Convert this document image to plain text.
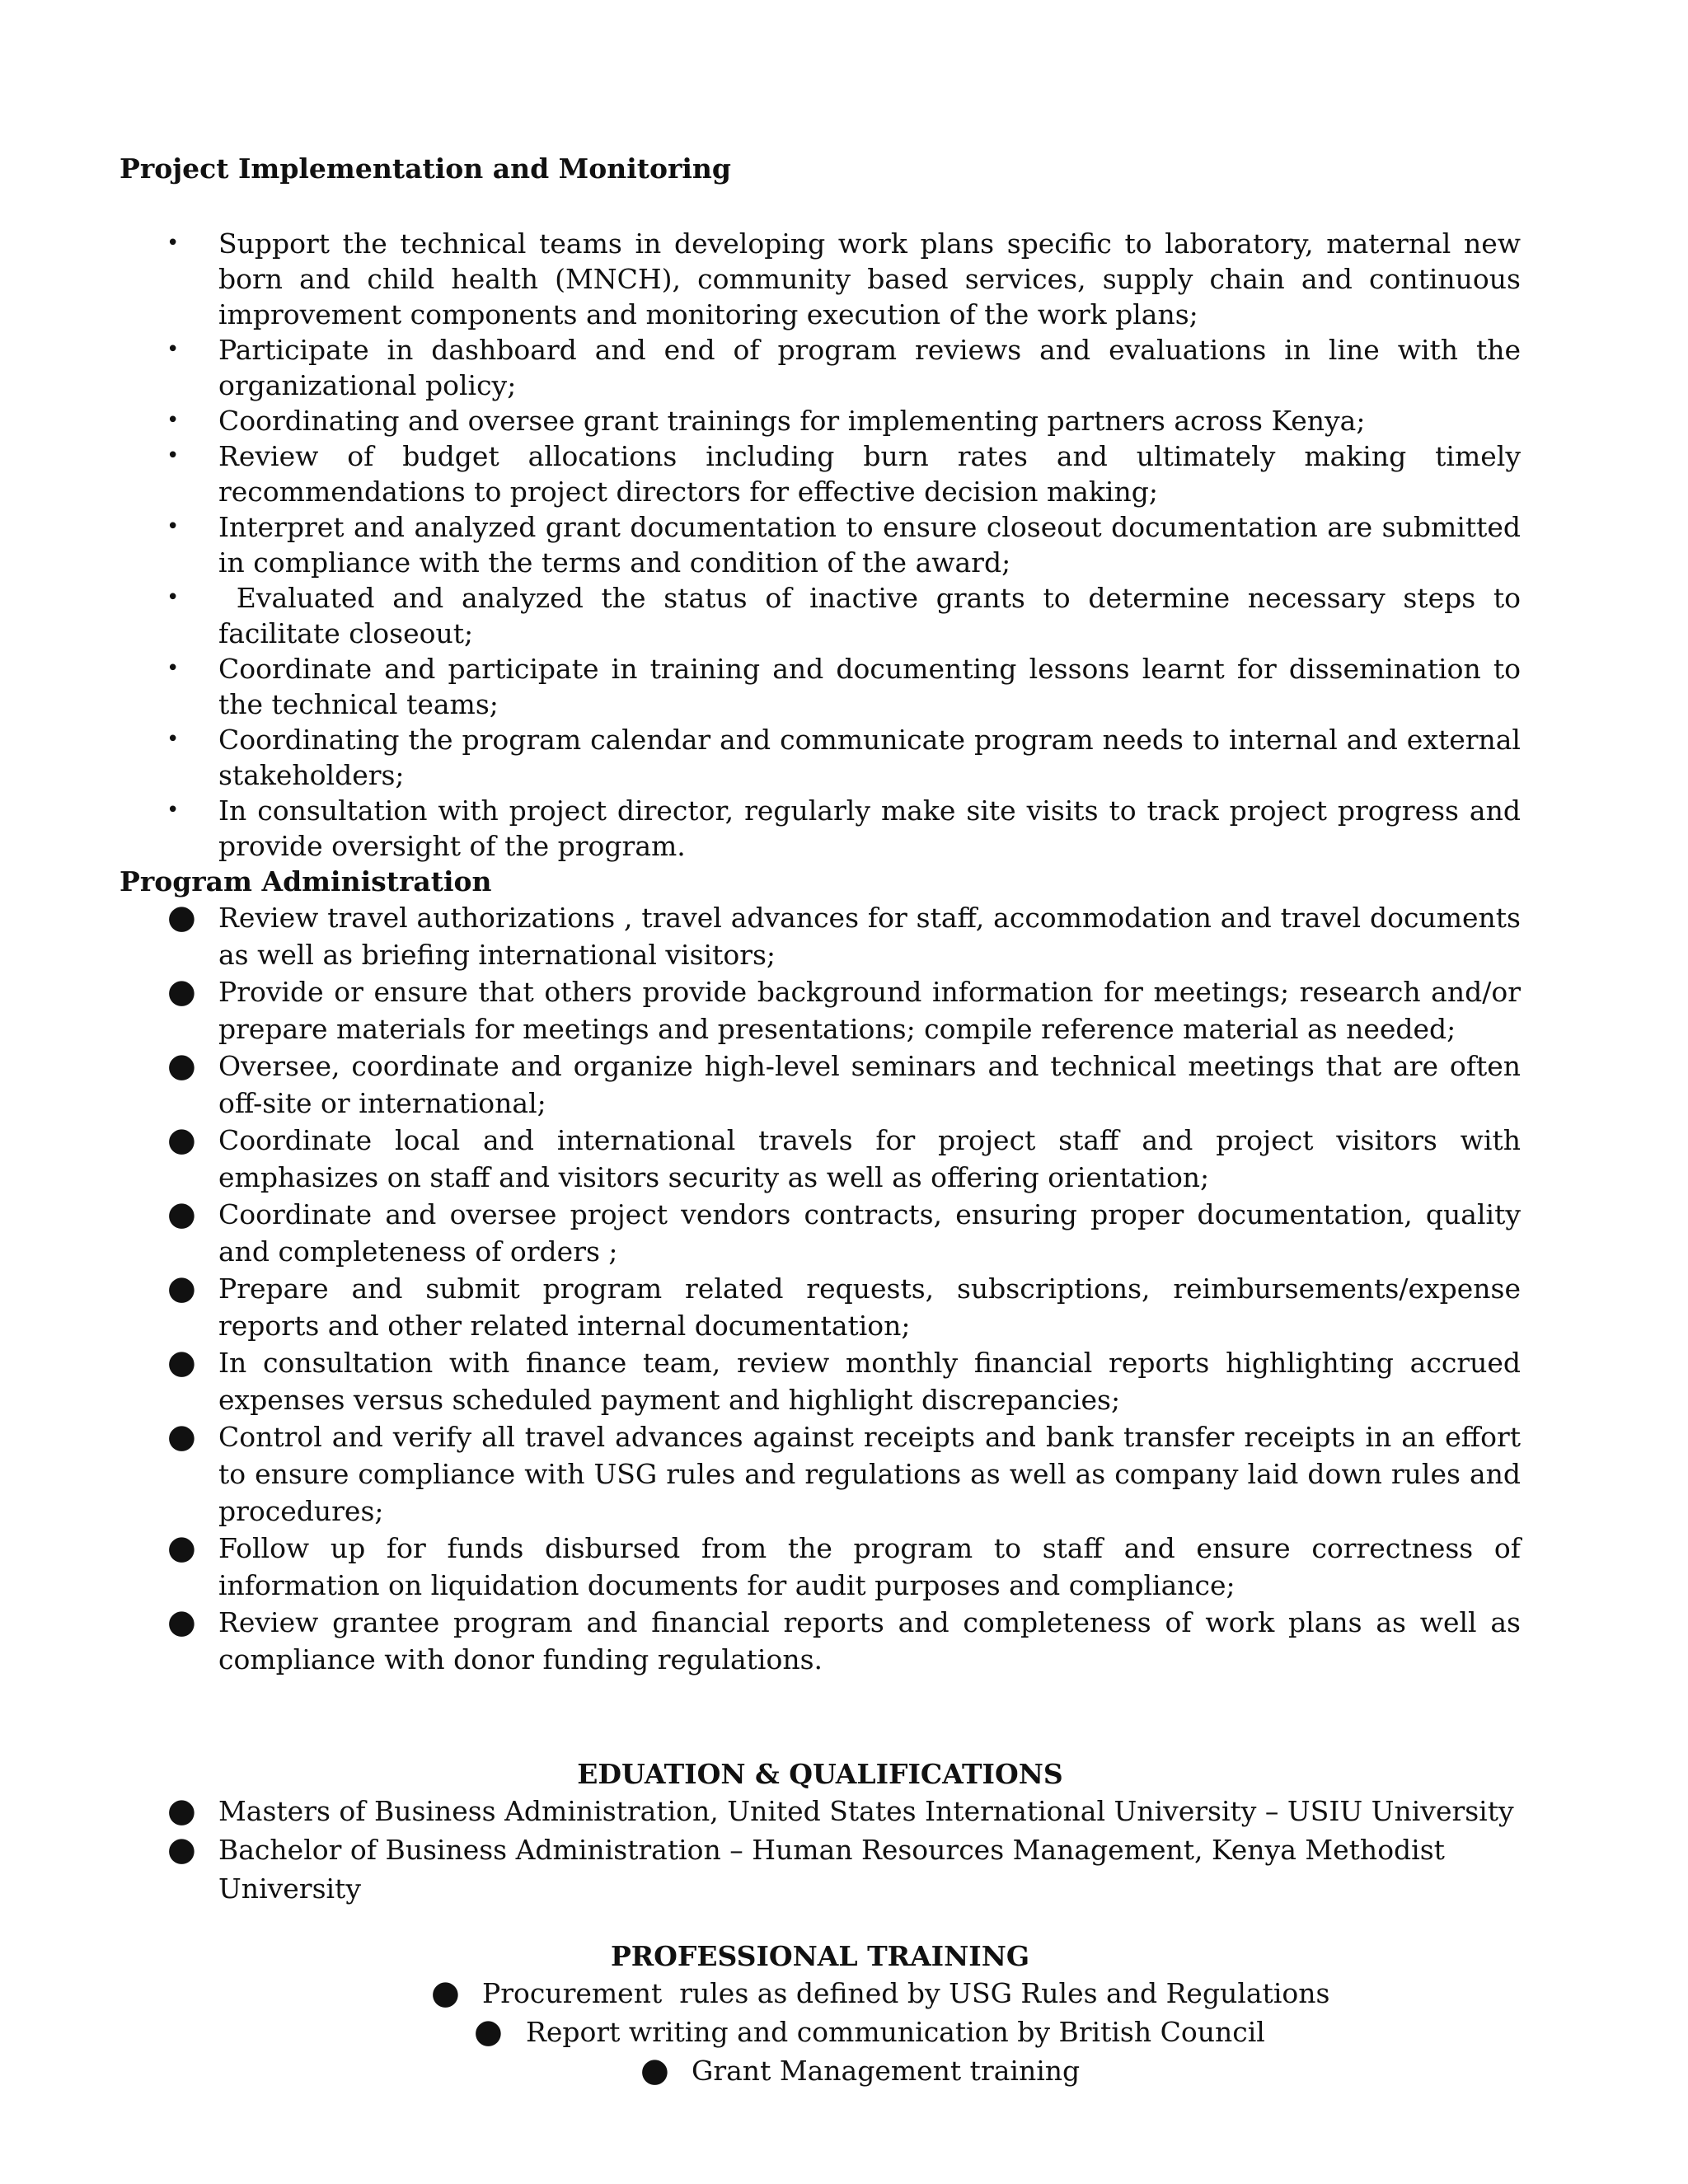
Project Implementation and Monitoring
• Support the technical teams in developing work plans specific to laboratory, maternal new born and child health (MNCH), community based services, supply chain and continuous improvement components and monitoring execution of the work plans;
• Participate in dashboard and end of program reviews and evaluations in line with the organizational policy;
• Coordinating and oversee grant trainings for implementing partners across Kenya;
• Review of budget allocations including burn rates and ultimately making timely recommendations to project directors for effective decision making;
• Interpret and analyzed grant documentation to ensure closeout documentation are submitted in compliance with the terms and condition of the award;
• Evaluated and analyzed the status of inactive grants to determine necessary steps to facilitate closeout;
• Coordinate and participate in training and documenting lessons learnt for dissemination to the technical teams;
• Coordinating the program calendar and communicate program needs to internal and external stakeholders;
• In consultation with project director, regularly make site visits to track project progress and provide oversight of the program.
Program Administration
● Review travel authorizations , travel advances for staff, accommodation and travel documents as well as briefing international visitors;
● Provide or ensure that others provide background information for meetings; research and/or prepare materials for meetings and presentations; compile reference material as needed;
● Oversee, coordinate and organize high-level seminars and technical meetings that are often off-site or international;
● Coordinate local and international travels for project staff and project visitors with emphasizes on staff and visitors security as well as offering orientation;
● Coordinate and oversee project vendors contracts, ensuring proper documentation, quality and completeness of orders ;
● Prepare and submit program related requests, subscriptions, reimbursements/expense reports and other related internal documentation;
● In consultation with finance team, review monthly financial reports highlighting accrued expenses versus scheduled payment and highlight discrepancies;
● Control and verify all travel advances against receipts and bank transfer receipts in an effort to ensure compliance with USG rules and regulations as well as company laid down rules and procedures;
● Follow up for funds disbursed from the program to staff and ensure correctness of information on liquidation documents for audit purposes and compliance;
● Review grantee program and financial reports and completeness of work plans as well as compliance with donor funding regulations.
EDUATION & QUALIFICATIONS
● Masters of Business Administration, United States International University – USIU University
● Bachelor of Business Administration – Human Resources Management, Kenya Methodist University
PROFESSIONAL TRAINING
● Procurement  rules as defined by USG Rules and Regulations
● Report writing and communication by British Council
● Grant Management training
